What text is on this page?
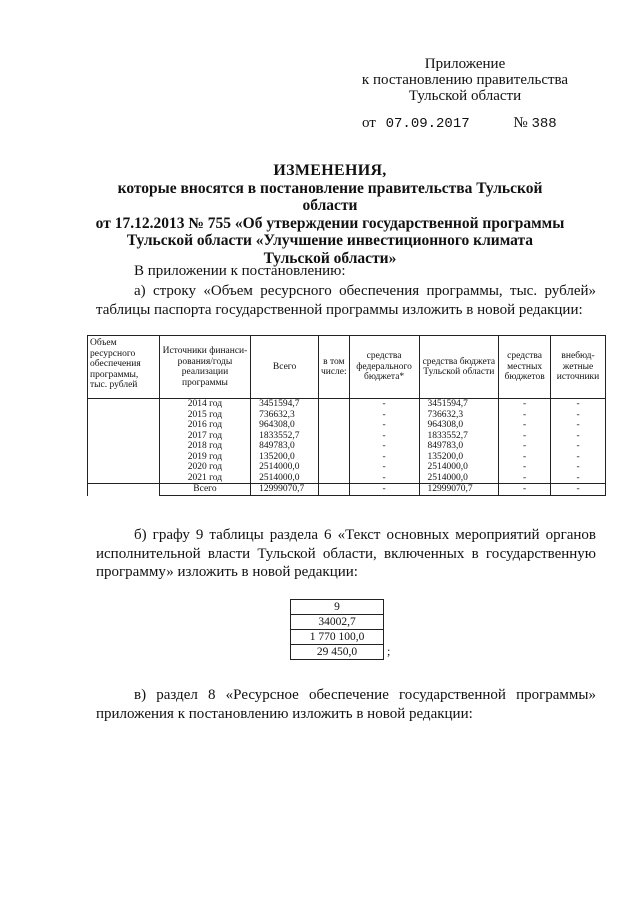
Приложение
к постановлению правительства
Тульской области
от 07.09.2017	№ 388
ИЗМЕНЕНИЯ,
которые вносятся в постановление правительства Тульской области
от 17.12.2013 № 755 «Об утверждении государственной программы
Тульской области «Улучшение инвестиционного климата
Тульской области»
В приложении к постановлению:
а) строку «Объем ресурсного обеспечения программы, тыс. рублей» таблицы паспорта государственной программы изложить в новой редакции:
Объем ресурсного обеспечения программы, тыс. рублей	Источники финанси-рования/годы реализации программы	Всего	в том числе:	средства федерального бюджета*	средства бюджета Тульской области	средства местных бюджетов	внебюд-жетные источники
	2014 год	3451594,7		-	3451594,7	-	-
	2015 год	736632,3		-	736632,3	-	-
	2016 год	964308,0		-	964308,0	-	-
	2017 год	1833552,7		-	1833552,7	-	-
	2018 год	849783,0		-	849783,0	-	-
	2019 год	135200,0		-	135200,0	-	-
	2020 год	2514000,0		-	2514000,0	-	-
	2021 год	2514000,0		-	2514000,0	-	-
	Всего	12999070,7		-	12999070,7	-	-
б) графу 9 таблицы раздела 6 «Текст основных мероприятий органов исполнительной власти Тульской области, включенных в государственную программу» изложить в новой редакции:
9
34002,7
1 770 100,0
29 450,0 ;
в) раздел 8 «Ресурсное обеспечение государственной программы» приложения к постановлению изложить в новой редакции:
